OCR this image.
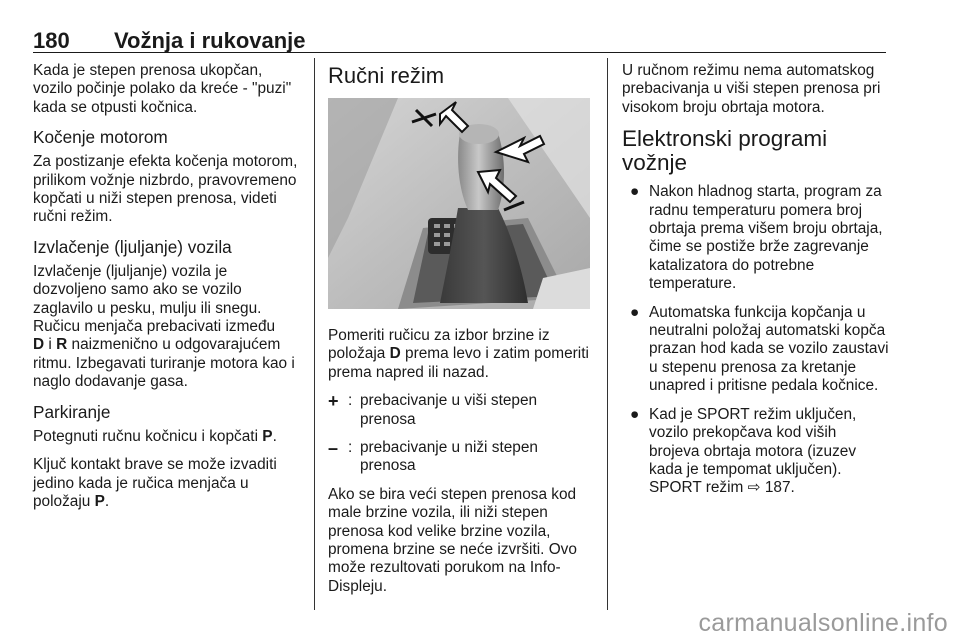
180 Vožnja i rukovanje

Kada je stepen prenosa ukopčan, vozilo počinje polako da kreće - "puzi" kada se otpusti kočnica.

Kočenje motorom

Za postizanje efekta kočenja motorom, prilikom vožnje nizbrdo, pravovremeno kopčati u niži stepen prenosa, videti ručni režim.

Izvlačenje (ljuljanje) vozila

Izvlačenje (ljuljanje) vozila je dozvoljeno samo ako se vozilo zaglavilo u pesku, mulju ili snegu. Ručicu menjača prebacivati između
D i R naizmenično u odgovarajućem ritmu. Izbegavati turiranje motora kao i naglo dodavanje gasa.

Parkiranje

Potegnuti ručnu kočnicu i kopčati P.

Ključ kontakt brave se može izvaditi jedino kada je ručica menjača u položaju P.

Ručni režim

Pomeriti ručicu za izbor brzine iz položaja D prema levo i zatim pomeriti prema napred ili nazad.

+ : prebacivanje u viši stepen prenosa
– : prebacivanje u niži stepen prenosa

Ako se bira veći stepen prenosa kod male brzine vozila, ili niži stepen prenosa kod velike brzine vozila, promena brzine se neće izvršiti. Ovo može rezultovati porukom na Info-Displeju.

U ručnom režimu nema automatskog prebacivanja u viši stepen prenosa pri visokom broju obrtaja motora.

Elektronski programi vožnje
● Nakon hladnog starta, program za radnu temperaturu pomera broj obrtaja prema višem broju obrtaja, čime se postiže brže zagrevanje katalizatora do potrebne temperature.
● Automatska funkcija kopčanja u neutralni položaj automatski kopča prazan hod kada se vozilo zaustavi u stepenu prenosa za kretanje unapred i pritisne pedala kočnice.
● Kad je SPORT režim uključen, vozilo prekopčava kod viših brojeva obrtaja motora (izuzev kada je tempomat uključen).
SPORT režim ⇨ 187.
carmanualsonline.info
